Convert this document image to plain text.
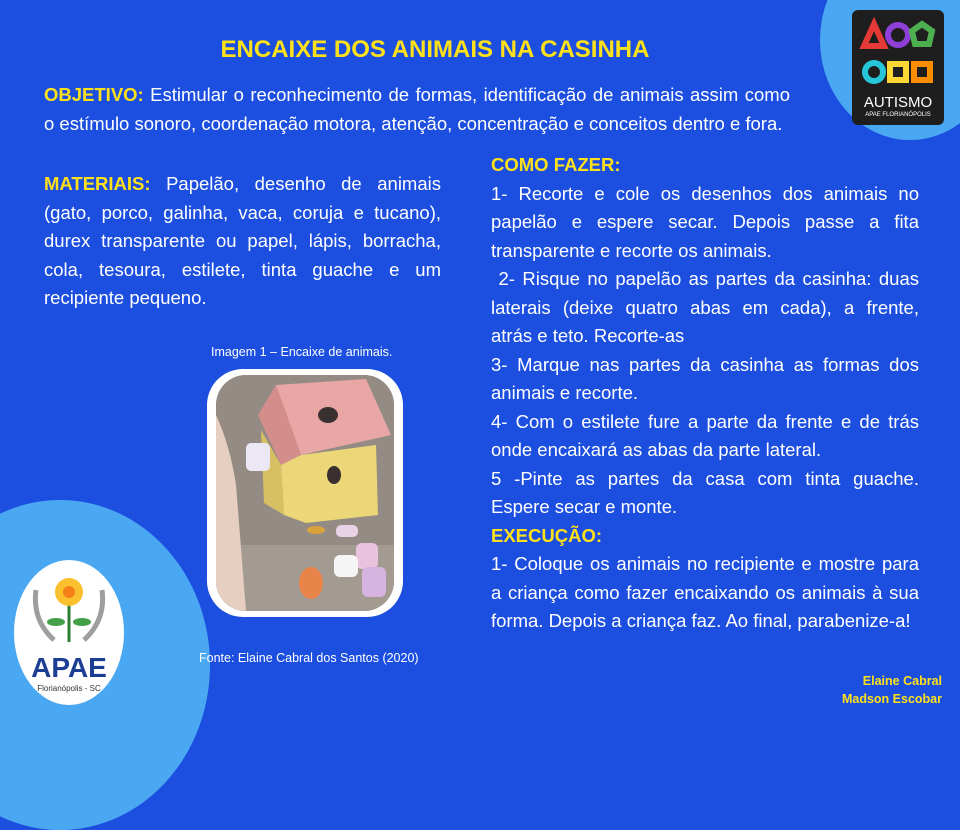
AUTISMO
APAE FLORIANÓPOLIS
ENCAIXE DOS ANIMAIS NA CASINHA
OBJETIVO: Estimular o reconhecimento de formas, identificação de animais assim como o estímulo sonoro, coordenação motora, atenção, concentração e conceitos dentro e fora.
MATERIAIS: Papelão, desenho de animais (gato, porco, galinha, vaca, coruja e tucano), durex transparente ou papel, lápis, borracha, cola, tesoura, estilete, tinta guache e um recipiente pequeno.
Imagem 1 – Encaixe de animais.
Fonte: Elaine Cabral dos Santos (2020)
COMO FAZER:
1- Recorte e cole os desenhos dos animais no papelão e espere secar. Depois passe a fita transparente e recorte os animais.
2- Risque no papelão as partes da casinha: duas laterais (deixe quatro abas em cada), a frente,  atrás e teto. Recorte-as
3- Marque nas partes da casinha as formas dos animais e recorte.
4- Com o estilete fure a parte da frente e de trás onde encaixará as abas da parte lateral.
5 -Pinte as partes da casa com tinta guache. Espere secar e monte.
EXECUÇÃO:
1- Coloque os animais no recipiente e mostre para a criança como fazer encaixando os animais à sua forma. Depois a criança faz. Ao final, parabenize-a!
APAE
Florianópolis - SC
Elaine Cabral
Madson Escobar
